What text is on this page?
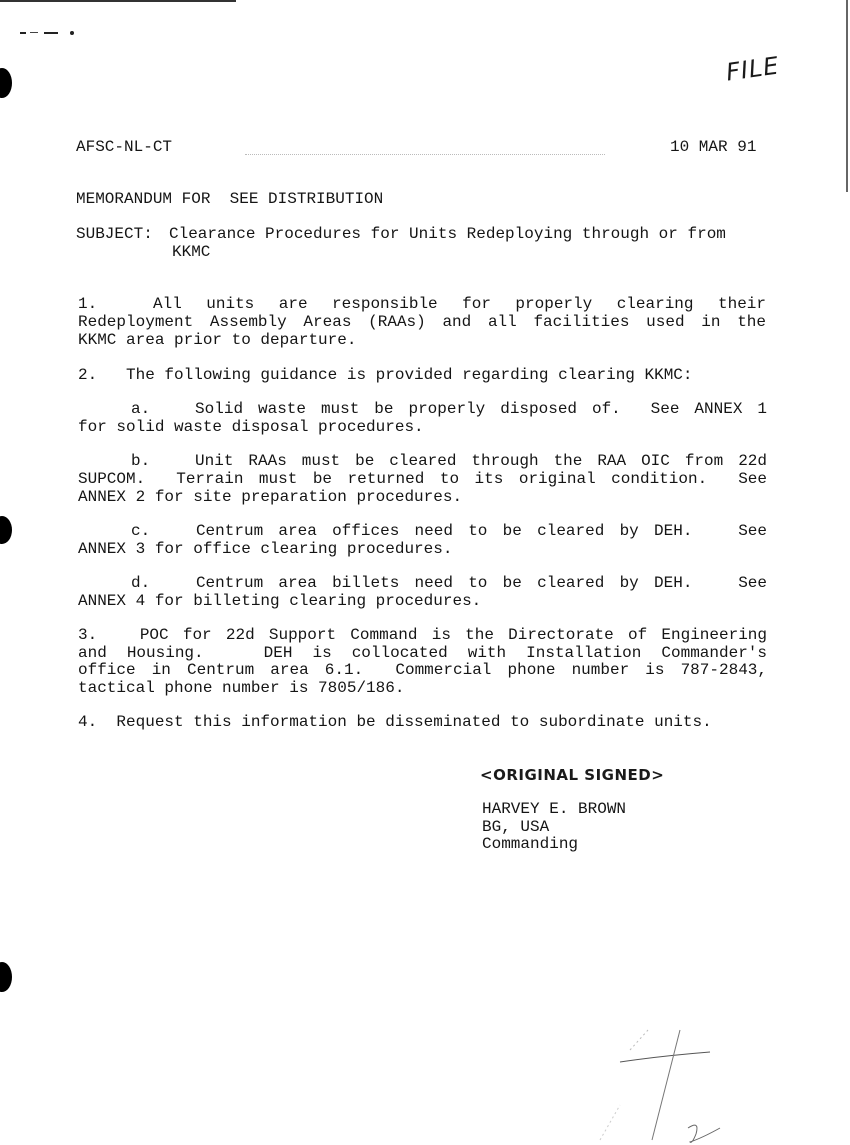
FILE
AFSC-NL-CT	10 MAR 91
MEMORANDUM FOR  SEE DISTRIBUTION
SUBJECT: Clearance Procedures for Units Redeploying through or from
KKMC
1.	All units are responsible for properly clearing their
Redeployment Assembly Areas (RAAs) and all facilities used in the
KKMC area prior to departure.
2.   The following guidance is provided regarding clearing KKMC:
a.   Solid waste must be properly disposed of.  See ANNEX 1
for solid waste disposal procedures.
b.   Unit RAAs must be cleared through the RAA OIC from 22d
SUPCOM.  Terrain must be returned to its original condition.  See
ANNEX 2 for site preparation procedures.
c.   Centrum area offices need to be cleared by DEH.   See
ANNEX 3 for office clearing procedures.
d.   Centrum area billets need to be cleared by DEH.   See
ANNEX 4 for billeting clearing procedures.
3.   POC for 22d Support Command is the Directorate of Engineering
and Housing.   DEH is collocated with Installation Commander's
office in Centrum area 6.1.  Commercial phone number is 787-2843,
tactical phone number is 7805/186.
4.  Request this information be disseminated to subordinate units.
<ORIGINAL SIGNED>
HARVEY E. BROWN
BG, USA
Commanding
